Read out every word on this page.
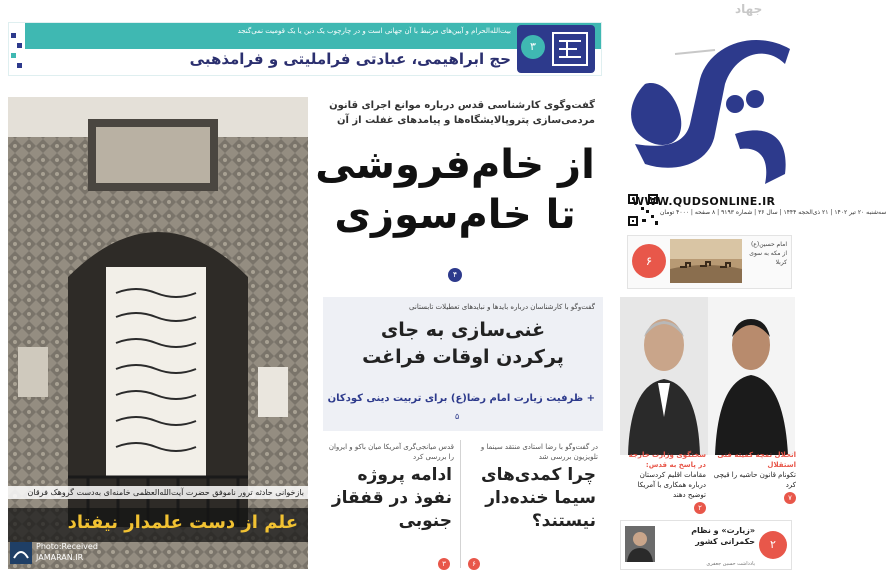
بیت‌الله‌الحرام و آیین‌های مرتبط با آن جهانی است و در چارچوب یک دین یا یک قومیت نمی‌گنجد
حج ابراهیمی، عبادتی فراملیتی و فرامذهبی
۳
جهاد
WWW.QUDSONLINE.IR
سه‌شنبه ۲۰ تیر ۱۴۰۲ | ۲۱ ذی‌الحجه ۱۴۴۴ | سال ۳۶ | شماره ۹۱۹۳ | ۸ صفحه | ۴۰۰۰ تومان
۶
امام حسین(ع) از مکه به سوی کربلا
بازخوانی حادثه ترور ناموفق حضرت آیت‌الله‌العظمی خامنه‌ای به‌دست گروهک فرقان
علم از دست علمدار نیفتاد
Photo:Received
JAMARAN.IR
گفت‌وگوی کارشناسی قدس درباره موانع اجرای قانون مردمی‌سازی پتروپالایشگاه‌ها و پیامدهای غفلت از آن
از خام‌فروشی
تا خام‌سوزی
۴
گفت‌وگو با کارشناسان درباره بایدها و نبایدهای تعطیلات تابستانی
غنی‌سازی به جای
پرکردن اوقات فراغت
+ ظرفیت زیارت امام رضا(ع) برای تربیت دینی کودکان
۵
در گفت‌وگو با رضا استادی منتقد سینما و تلویزیون بررسی شد
چرا کمدی‌های سیما خنده‌دار نیستند؟
۶
قدس میانجی‌گری آمریکا میان باکو و ایروان را بررسی کرد
ادامه پروژه نفوذ در قفقاز جنوبی
۳
سخنگوی وزارت خارجه در پاسخ به قدس:
مقامات اقلیم کردستان درباره همکاری با آمریکا توضیح دهند
۲
انحلال نمچه کمیته فنی استقلال
تکونام قانون حاشیه را قیچی کرد
۷
«زیارت» و نظام حکمرانی کشور
یادداشت حسین جعفری
۲
